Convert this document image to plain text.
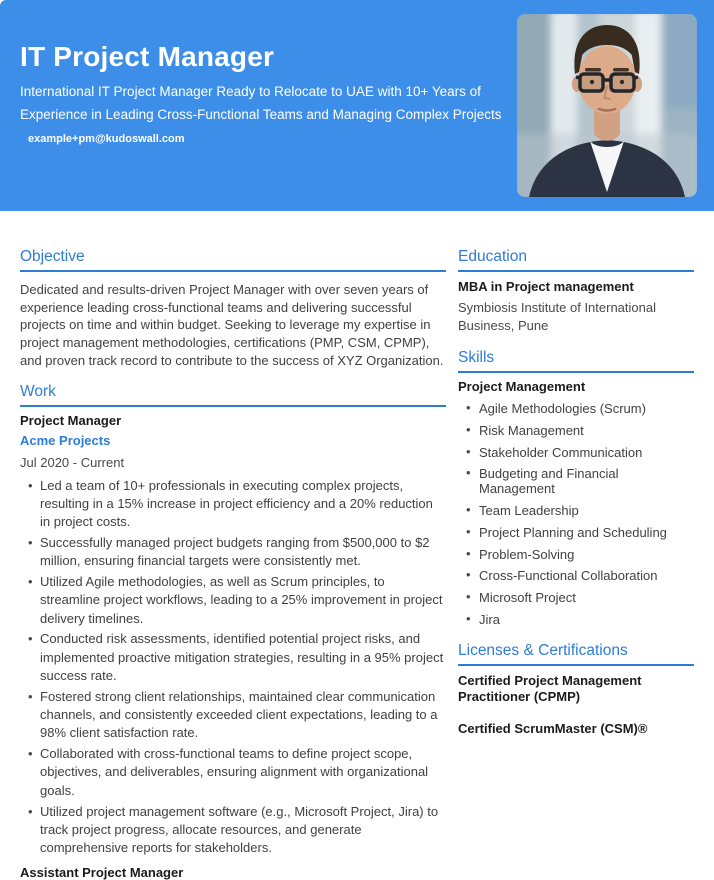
IT Project Manager

International IT Project Manager Ready to Relocate to UAE with 10+ Years of Experience in Leading Cross-Functional Teams and Managing Complex Projects

example+pm@kudoswall.com
Objective

Dedicated and results-driven Project Manager with over seven years of experience leading cross-functional teams and delivering successful projects on time and within budget. Seeking to leverage my expertise in project management methodologies, certifications (PMP, CSM, CPMP), and proven track record to contribute to the success of XYZ Organization.

Work
Project Manager
Acme Projects
Jul 2020 - Current
• Led a team of 10+ professionals in executing complex projects, resulting in a 15% increase in project efficiency and a 20% reduction in project costs.
• Successfully managed project budgets ranging from $500,000 to $2 million, ensuring financial targets were consistently met.
• Utilized Agile methodologies, as well as Scrum principles, to streamline project workflows, leading to a 25% improvement in project delivery timelines.
• Conducted risk assessments, identified potential project risks, and implemented proactive mitigation strategies, resulting in a 95% project success rate.
• Fostered strong client relationships, maintained clear communication channels, and consistently exceeded client expectations, leading to a 98% client satisfaction rate.
• Collaborated with cross-functional teams to define project scope, objectives, and deliverables, ensuring alignment with organizational goals.
• Utilized project management software (e.g., Microsoft Project, Jira) to track project progress, allocate resources, and generate comprehensive reports for stakeholders.
Assistant Project Manager
Education
MBA in Project management

Symbiosis Institute of International Business, Pune

Skills
Project Management
• Agile Methodologies (Scrum)
• Risk Management
• Stakeholder Communication
• Budgeting and Financial Management
• Team Leadership
• Project Planning and Scheduling
• Problem-Solving
• Cross-Functional Collaboration
• Microsoft Project
• Jira
Licenses & Certifications

Certified Project Management Practitioner (CPMP)

Certified ScrumMaster (CSM)®
